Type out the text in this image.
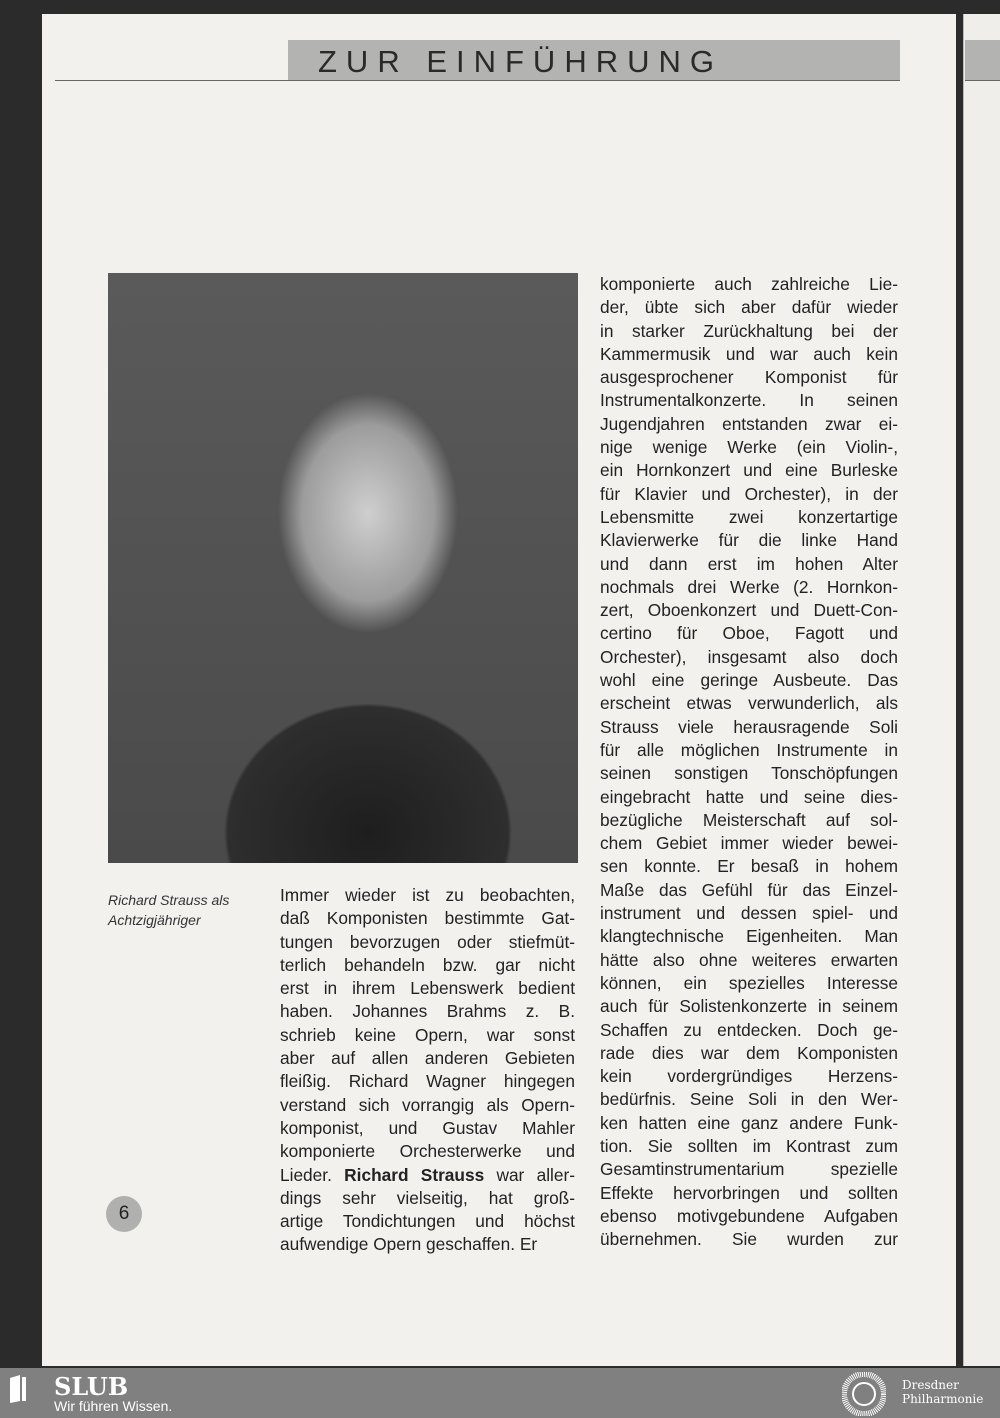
ZUR EINFÜHRUNG
Richard Strauss als
Achtzigjähriger
Immer wieder ist zu beobachten,
daß Komponisten bestimmte Gat-
tungen bevorzugen oder stiefmüt-
terlich behandeln bzw. gar nicht
erst in ihrem Lebenswerk bedient
haben. Johannes Brahms z. B.
schrieb keine Opern, war sonst
aber auf allen anderen Gebieten
fleißig. Richard Wagner hingegen
verstand sich vorrangig als Opern-
komponist, und Gustav Mahler
komponierte Orchesterwerke und
Lieder. Richard Strauss war aller-
dings sehr vielseitig, hat groß-
artige Tondichtungen und höchst
aufwendige Opern geschaffen. Er
komponierte auch zahlreiche Lie-
der, übte sich aber dafür wieder
in starker Zurückhaltung bei der
Kammermusik und war auch kein
ausgesprochener Komponist für
Instrumentalkonzerte. In seinen
Jugendjahren entstanden zwar ei-
nige wenige Werke (ein Violin-,
ein Hornkonzert und eine Burleske
für Klavier und Orchester), in der
Lebensmitte zwei konzertartige
Klavierwerke für die linke Hand
und dann erst im hohen Alter
nochmals drei Werke (2. Hornkon-
zert, Oboenkonzert und Duett-Con-
certino für Oboe, Fagott und
Orchester), insgesamt also doch
wohl eine geringe Ausbeute. Das
erscheint etwas verwunderlich, als
Strauss viele herausragende Soli
für alle möglichen Instrumente in
seinen sonstigen Tonschöpfungen
eingebracht hatte und seine dies-
bezügliche Meisterschaft auf sol-
chem Gebiet immer wieder bewei-
sen konnte. Er besaß in hohem
Maße das Gefühl für das Einzel-
instrument und dessen spiel- und
klangtechnische Eigenheiten. Man
hätte also ohne weiteres erwarten
können, ein spezielles Interesse
auch für Solistenkonzerte in seinem
Schaffen zu entdecken. Doch ge-
rade dies war dem Komponisten
kein vordergründiges Herzens-
bedürfnis. Seine Soli in den Wer-
ken hatten eine ganz andere Funk-
tion. Sie sollten im Kontrast zum
Gesamtinstrumentarium spezielle
Effekte hervorbringen und sollten
ebenso motivgebundene Aufgaben
übernehmen. Sie wurden zur
6
SLUB
Wir führen Wissen.
Dresdner
Philharmonie
